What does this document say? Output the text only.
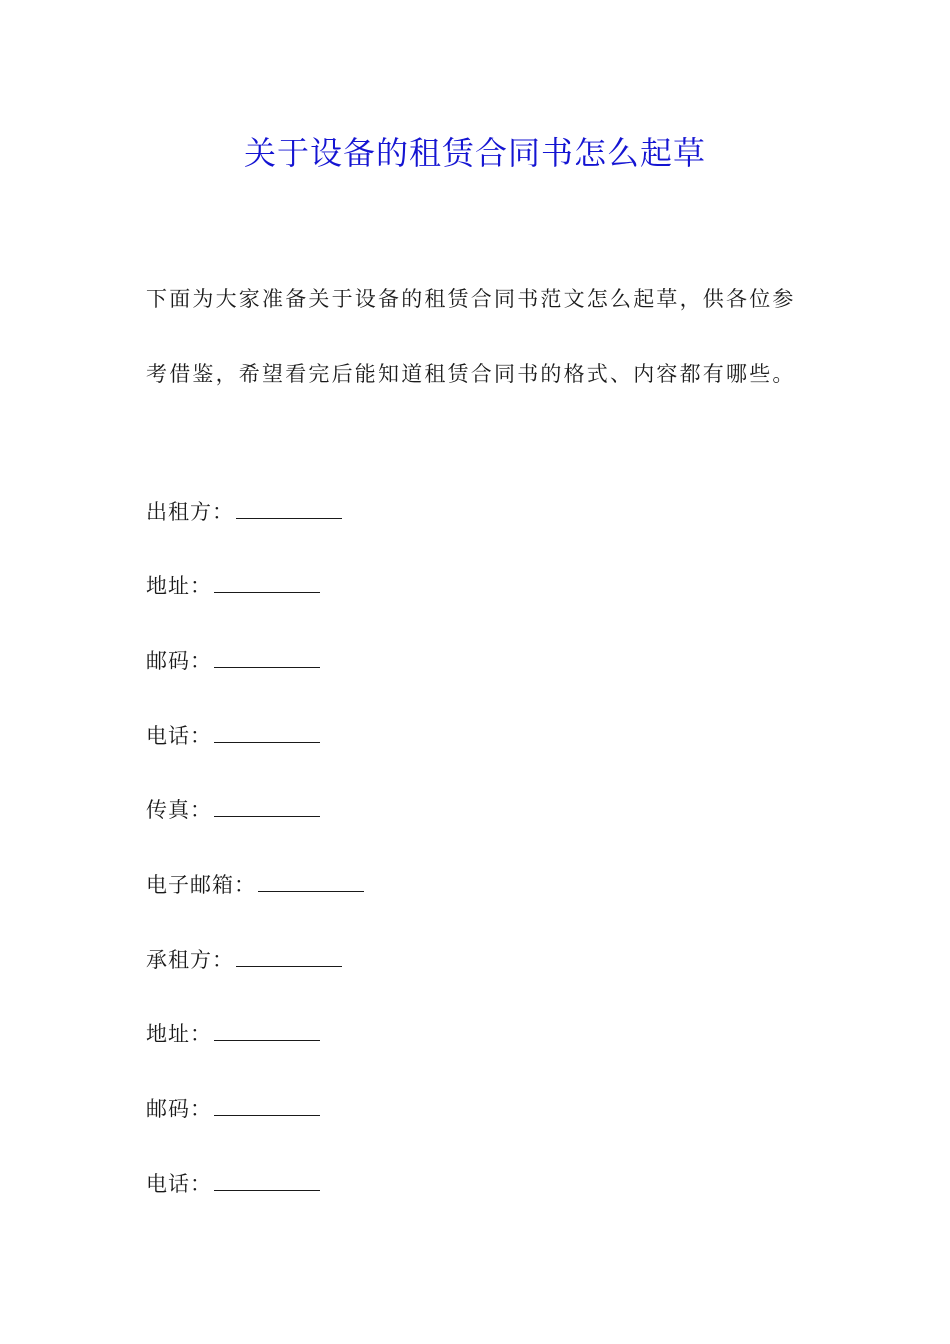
关于设备的租赁合同书怎么起草

下面为大家准备关于设备的租赁合同书范文怎么起草，供各位参考借鉴，希望看完后能知道租赁合同书的格式、内容都有哪些。

出租方：
地址：
邮码：
电话：
传真：
电子邮箱：
承租方：
地址：
邮码：
电话：
